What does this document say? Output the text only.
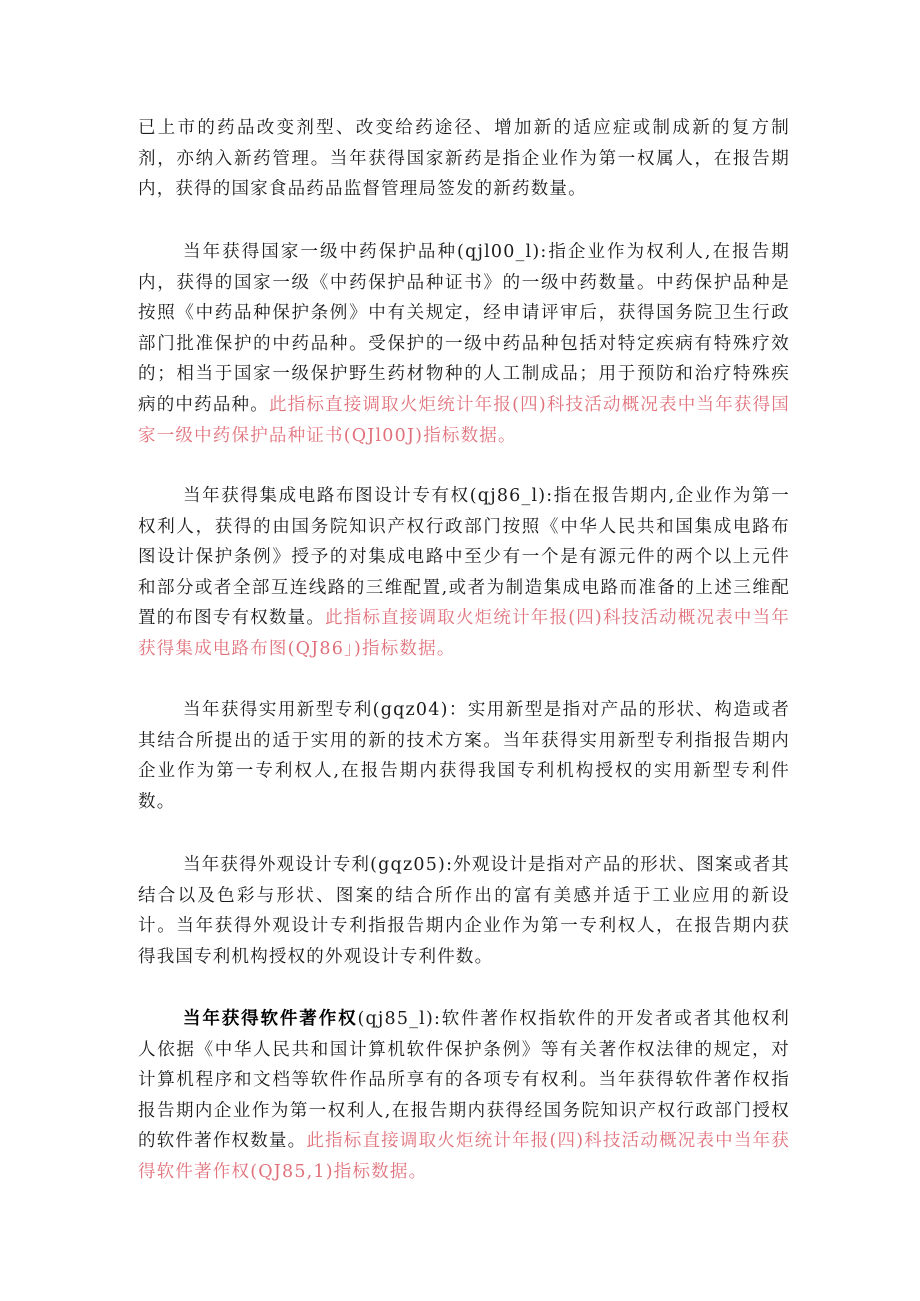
已上市的药品改变剂型、改变给药途径、增加新的适应症或制成新的复方制剂，亦纳入新药管理。当年获得国家新药是指企业作为第一权属人，在报告期内，获得的国家食品药品监督管理局签发的新药数量。

当年获得国家一级中药保护品种(qjl00_l):指企业作为权利人,在报告期内，获得的国家一级《中药保护品种证书》的一级中药数量。中药保护品种是按照《中药品种保护条例》中有关规定，经申请评审后，获得国务院卫生行政部门批准保护的中药品种。受保护的一级中药品种包括对特定疾病有特殊疗效的；相当于国家一级保护野生药材物种的人工制成品；用于预防和治疗特殊疾病的中药品种。此指标直接调取火炬统计年报(四)科技活动概况表中当年获得国家一级中药保护品种证书(QJl00J)指标数据。

当年获得集成电路布图设计专有权(qj86_l):指在报告期内,企业作为第一权利人，获得的由国务院知识产权行政部门按照《中华人民共和国集成电路布图设计保护条例》授予的对集成电路中至少有一个是有源元件的两个以上元件和部分或者全部互连线路的三维配置,或者为制造集成电路而准备的上述三维配置的布图专有权数量。此指标直接调取火炬统计年报(四)科技活动概况表中当年获得集成电路布图(QJ86」)指标数据。

当年获得实用新型专利(gqz04)：实用新型是指对产品的形状、构造或者其结合所提出的适于实用的新的技术方案。当年获得实用新型专利指报告期内企业作为第一专利权人,在报告期内获得我国专利机构授权的实用新型专利件数。

当年获得外观设计专利(gqz05):外观设计是指对产品的形状、图案或者其结合以及色彩与形状、图案的结合所作出的富有美感并适于工业应用的新设计。当年获得外观设计专利指报告期内企业作为第一专利权人，在报告期内获得我国专利机构授权的外观设计专利件数。

当年获得软件著作权(qj85_l):软件著作权指软件的开发者或者其他权利人依据《中华人民共和国计算机软件保护条例》等有关著作权法律的规定，对计算机程序和文档等软件作品所享有的各项专有权利。当年获得软件著作权指报告期内企业作为第一权利人,在报告期内获得经国务院知识产权行政部门授权的软件著作权数量。此指标直接调取火炬统计年报(四)科技活动概况表中当年获得软件著作权(QJ85,1)指标数据。
